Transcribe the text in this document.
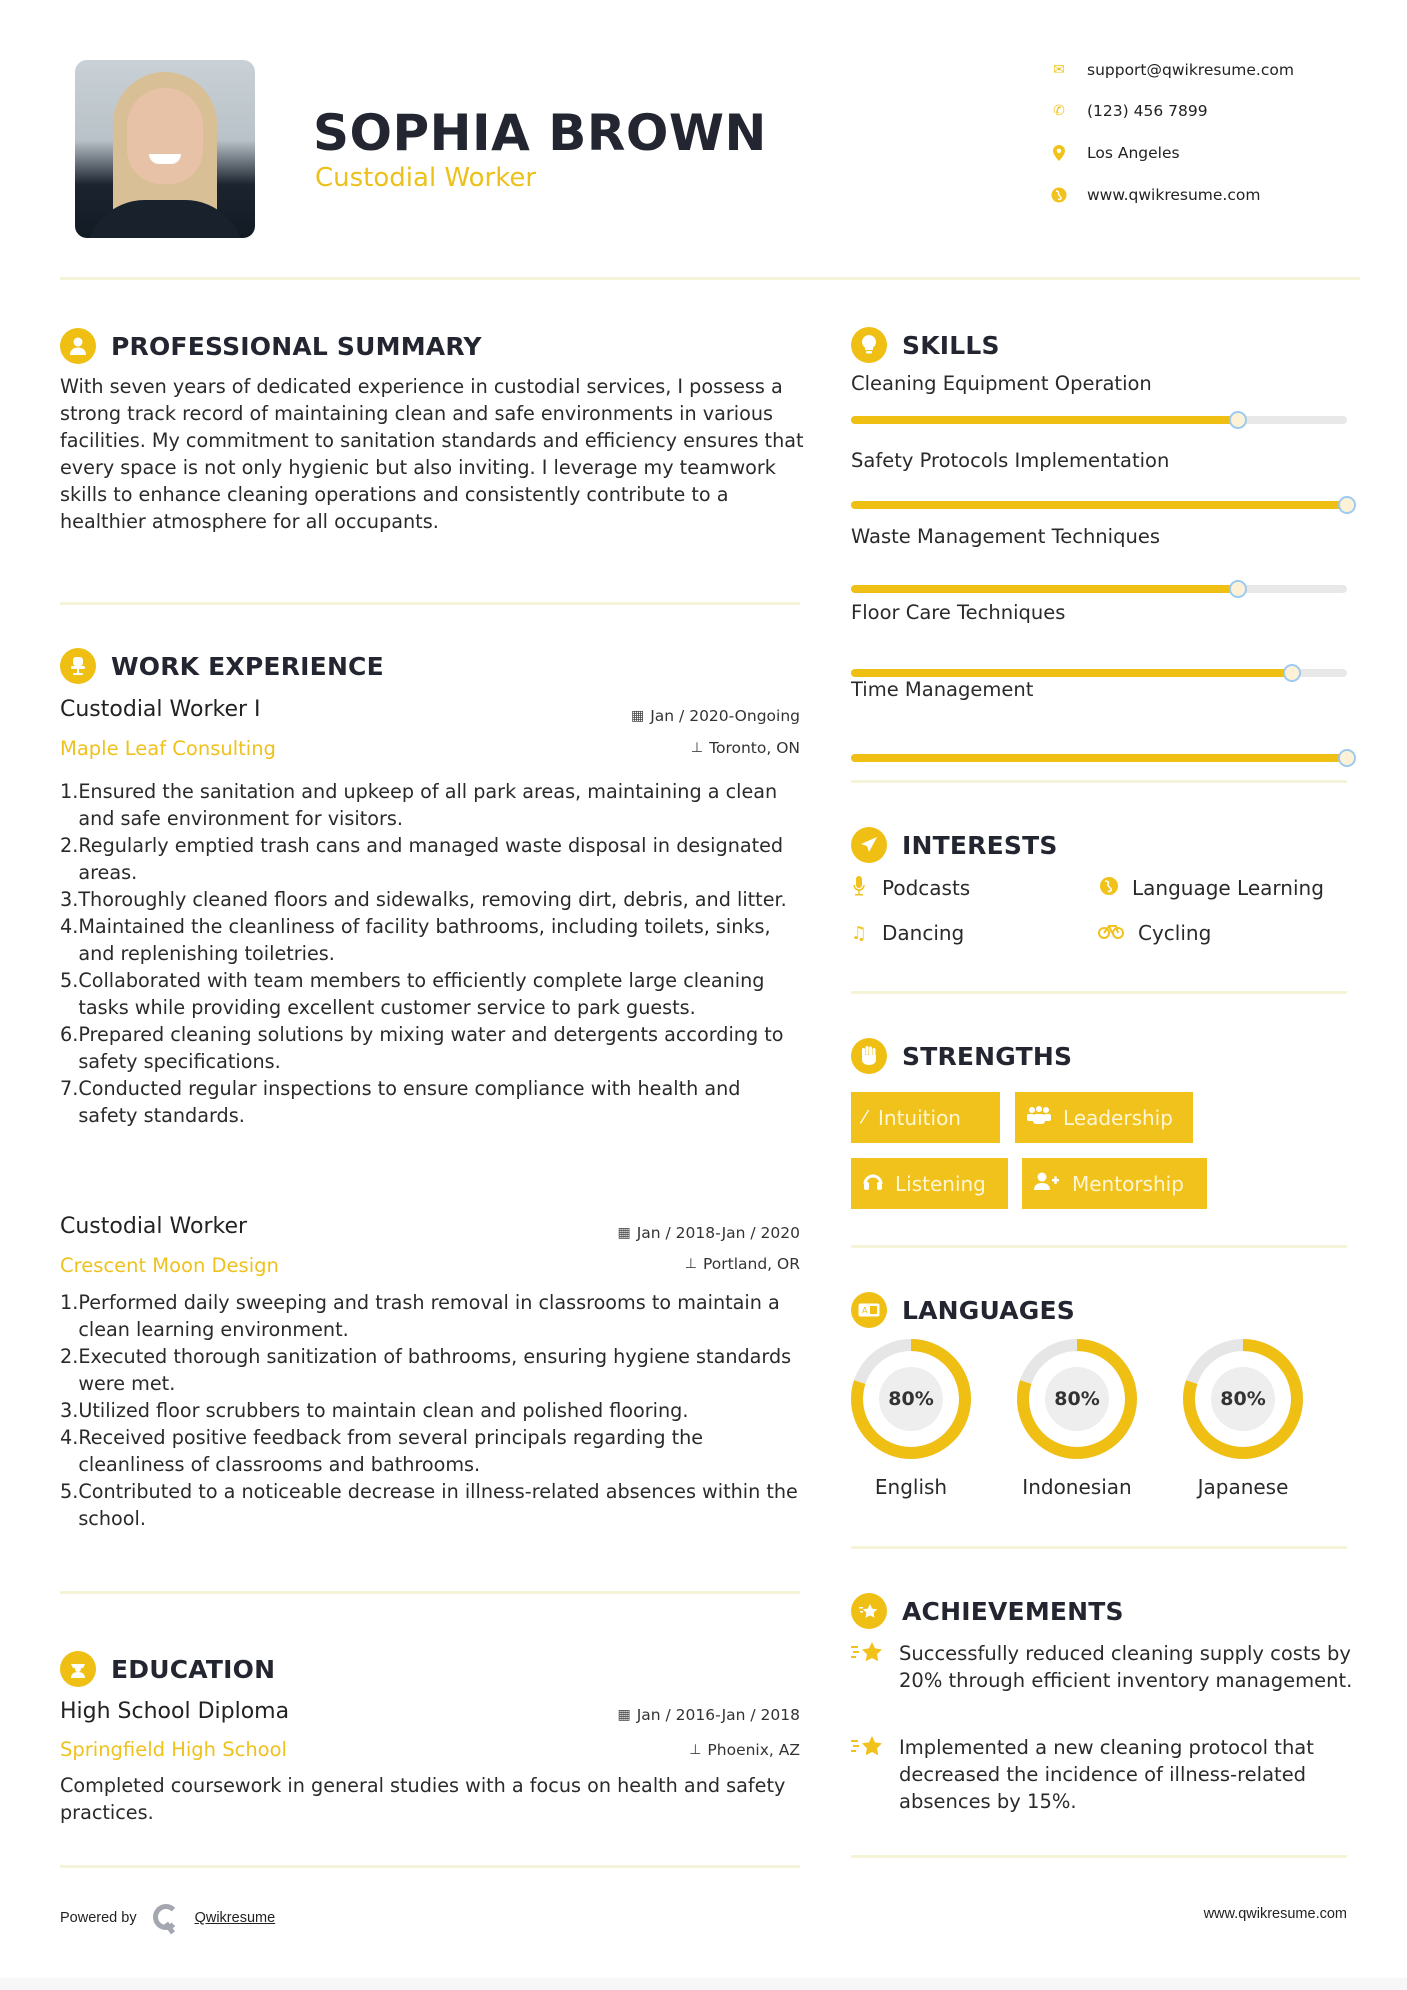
SOPHIA BROWN
Custodial Worker
✉ support@qwikresume.com
✆ (123) 456 7899
Los Angeles
www.qwikresume.com
PROFESSIONAL SUMMARY
With seven years of dedicated experience in custodial services, I possess a strong track record of maintaining clean and safe environments in various facilities. My commitment to sanitation standards and efficiency ensures that every space is not only hygienic but also inviting. I leverage my teamwork skills to enhance cleaning operations and consistently contribute to a healthier atmosphere for all occupants.
WORK EXPERIENCE
Custodial Worker I	▦ Jan / 2020-Ongoing
Maple Leaf Consulting	⊥ Toronto, ON
1. Ensured the sanitation and upkeep of all park areas, maintaining a clean and safe environment for visitors.
2. Regularly emptied trash cans and managed waste disposal in designated areas.
3. Thoroughly cleaned floors and sidewalks, removing dirt, debris, and litter.
4. Maintained the cleanliness of facility bathrooms, including toilets, sinks, and replenishing toiletries.
5. Collaborated with team members to efficiently complete large cleaning tasks while providing excellent customer service to park guests.
6. Prepared cleaning solutions by mixing water and detergents according to safety specifications.
7. Conducted regular inspections to ensure compliance with health and safety standards.
Custodial Worker	▦ Jan / 2018-Jan / 2020
Crescent Moon Design	⊥ Portland, OR
1. Performed daily sweeping and trash removal in classrooms to maintain a clean learning environment.
2. Executed thorough sanitization of bathrooms, ensuring hygiene standards were met.
3. Utilized floor scrubbers to maintain clean and polished flooring.
4. Received positive feedback from several principals regarding the cleanliness of classrooms and bathrooms.
5. Contributed to a noticeable decrease in illness-related absences within the school.
EDUCATION
High School Diploma	▦ Jan / 2016-Jan / 2018
Springfield High School	⊥ Phoenix, AZ
Completed coursework in general studies with a focus on health and safety practices.
SKILLS
Cleaning Equipment Operation
Safety Protocols Implementation
Waste Management Techniques
Floor Care Techniques
Time Management
INTERESTS
Podcasts	Language Learning
♫ Dancing	Cycling
STRENGTHS
⁄ Intuition	Leadership
Listening	Mentorship
A LANGUAGES
80%	80%	80%
English	Indonesian	Japanese
ACHIEVEMENTS
Successfully reduced cleaning supply costs by 20% through efficient inventory management.
Implemented a new cleaning protocol that decreased the incidence of illness-related absences by 15%.
Powered by	Qwikresume	www.qwikresume.com
